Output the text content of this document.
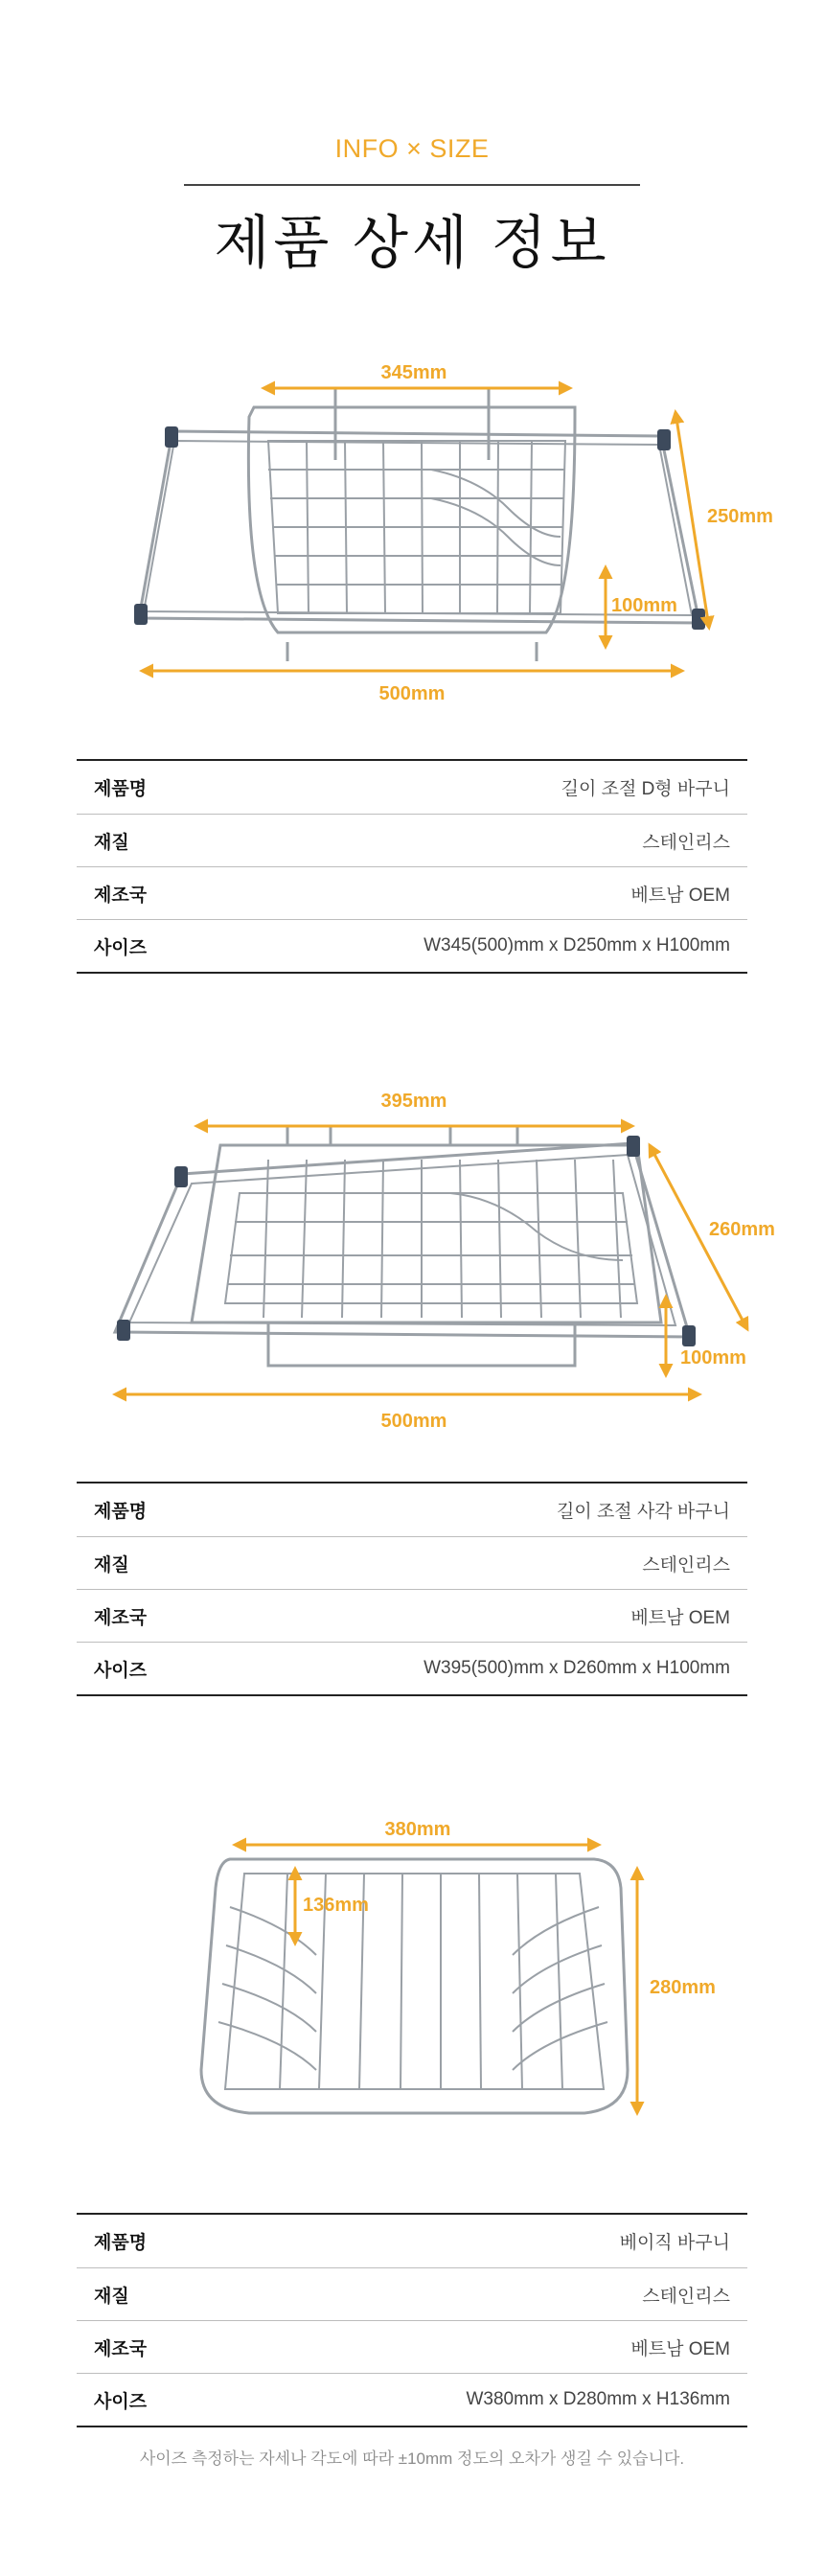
INFO × SIZE
제품 상세 정보
345mm
500mm
250mm
100mm
제품명	길이 조절 D형 바구니
재질	스테인리스
제조국	베트남 OEM
사이즈	W345(500)mm x D250mm x H100mm
395mm
500mm
260mm
100mm
제품명	길이 조절 사각 바구니
재질	스테인리스
제조국	베트남 OEM
사이즈	W395(500)mm x D260mm x H100mm
380mm
136mm
280mm
제품명	베이직 바구니
재질	스테인리스
제조국	베트남 OEM
사이즈	W380mm x D280mm x H136mm
사이즈 측정하는 자세나 각도에 따라 ±10mm 정도의 오차가 생길 수 있습니다.
